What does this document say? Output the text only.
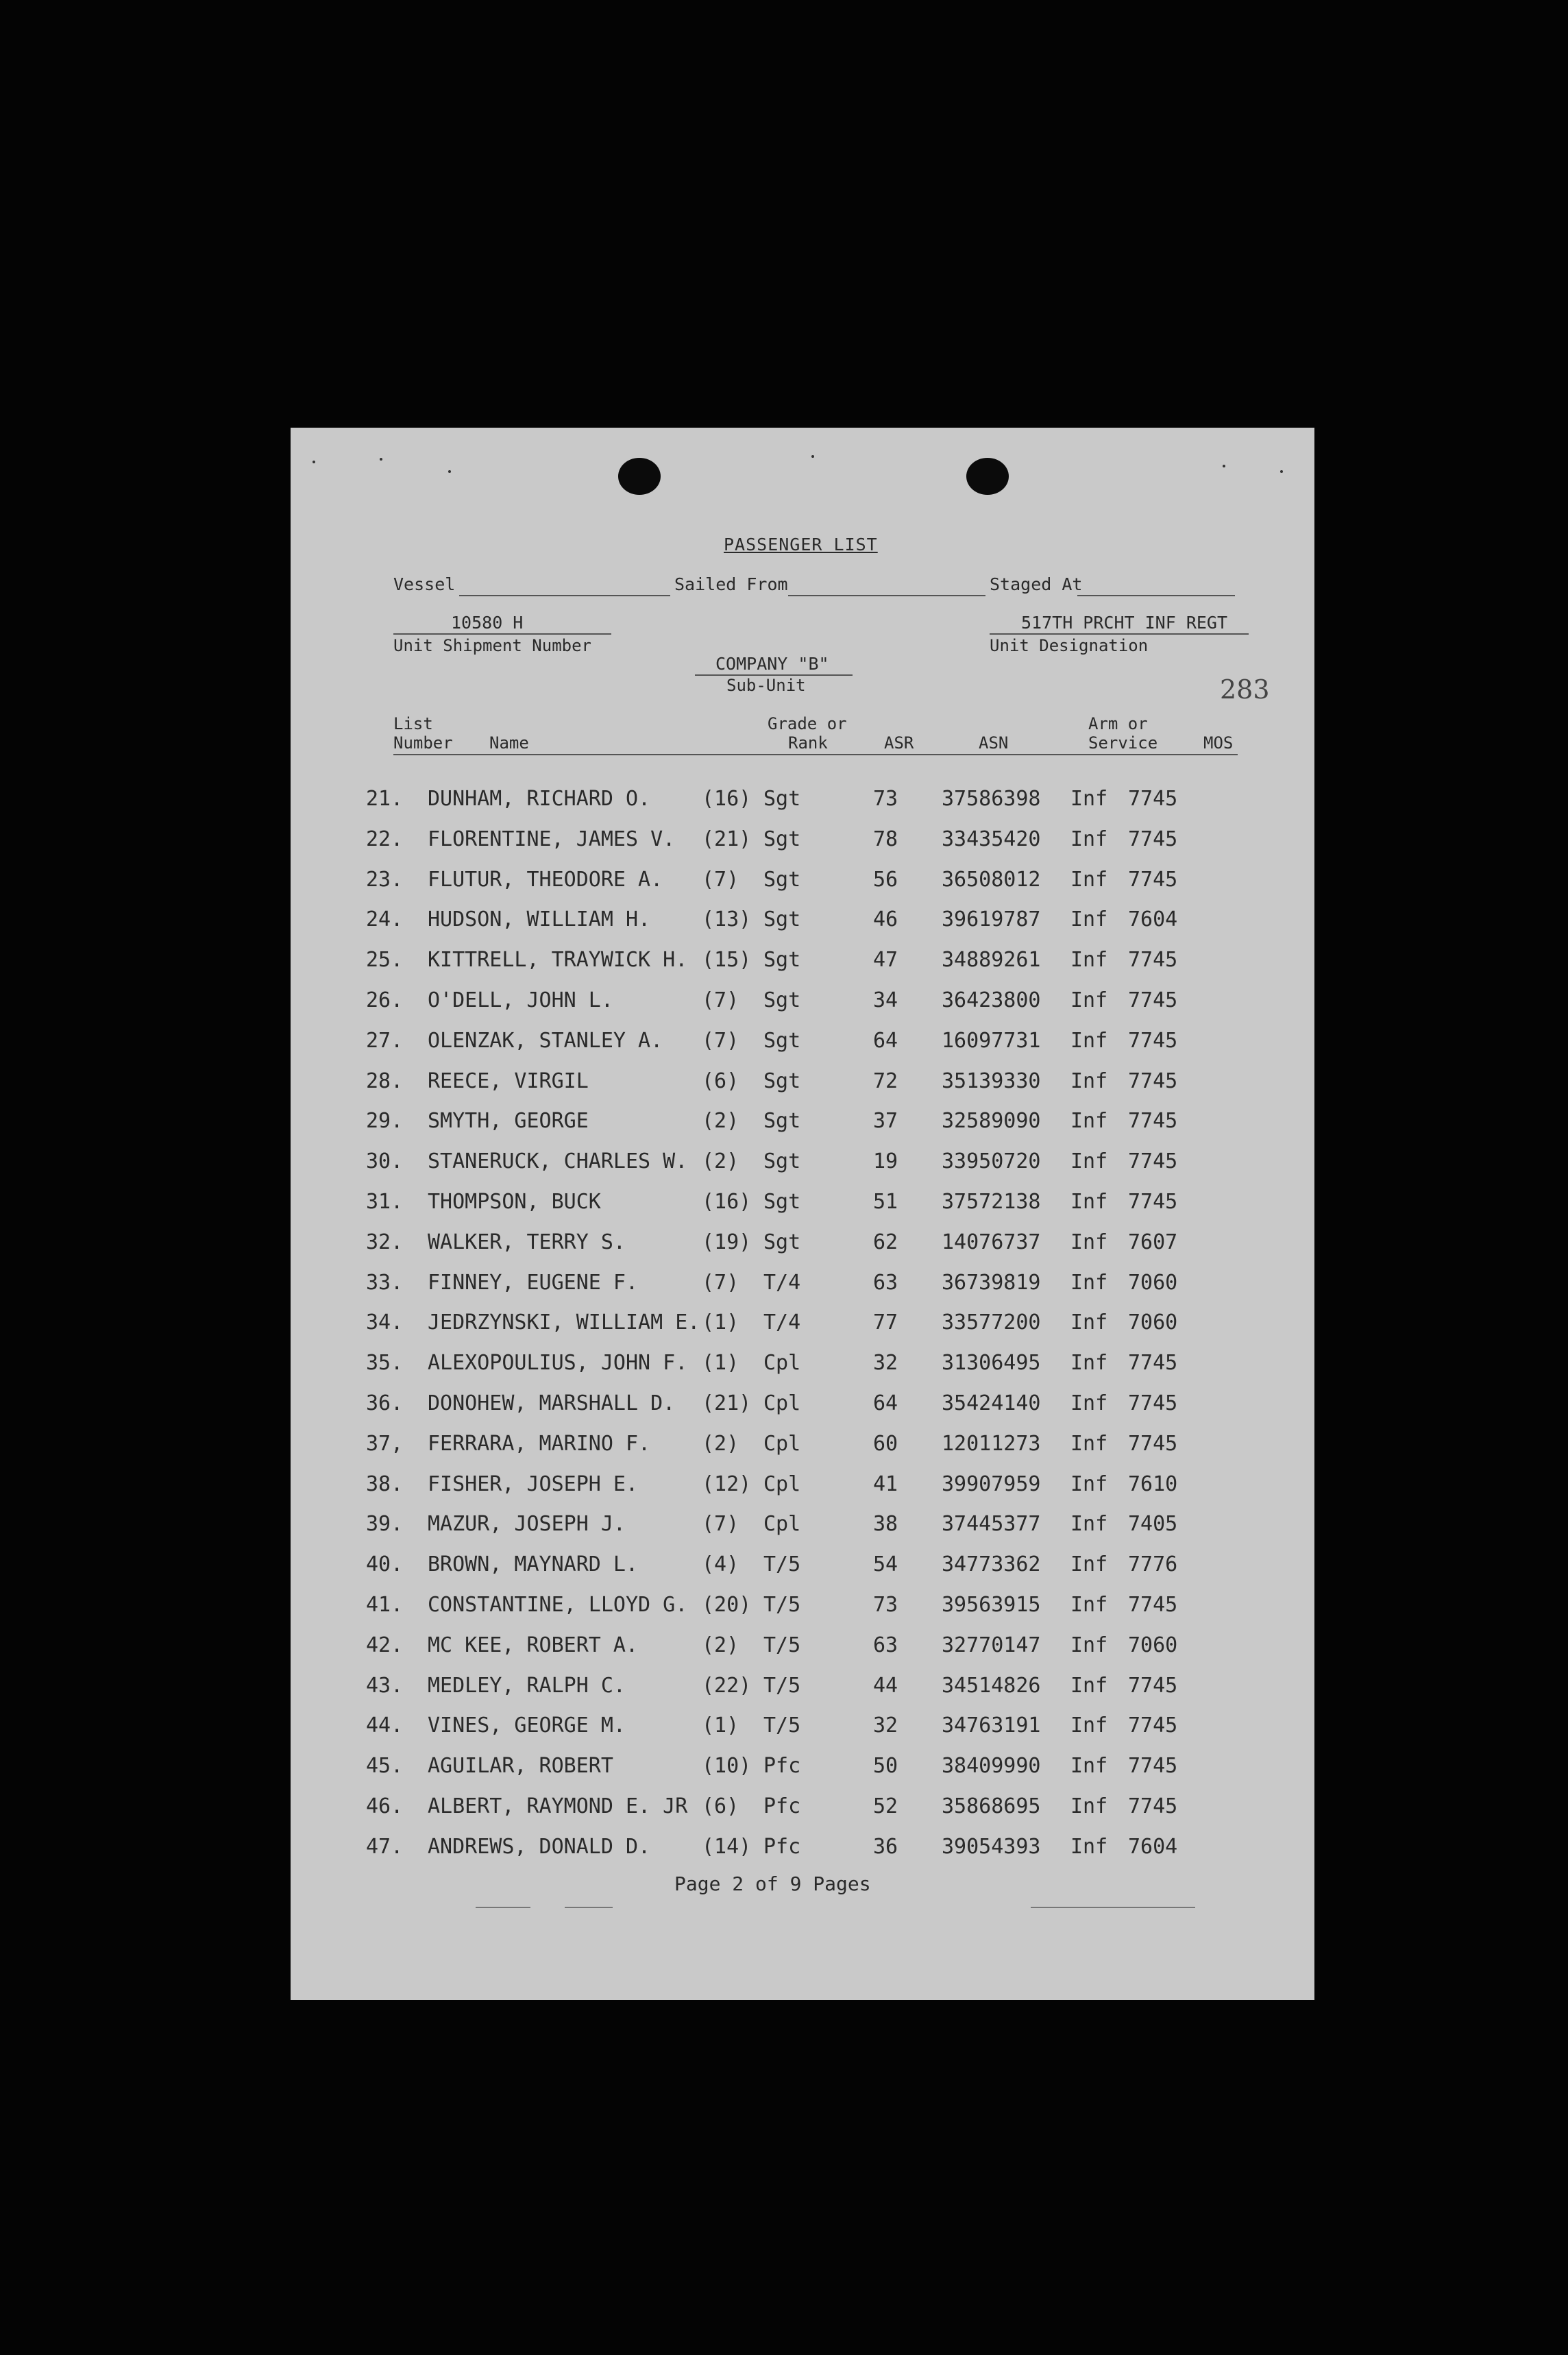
PASSENGER LIST
Vessel	Sailed From	Staged At
10580 H
Unit Shipment Number
517TH PRCHT INF REGT
Unit Designation
COMPANY "B"
Sub-Unit	283
List
Number Name
Grade or
Rank	ASR	ASN
Arm or
Service	MOS
21. DUNHAM, RICHARD O. (16) Sgt	73 37586398 Inf 7745
22. FLORENTINE, JAMES V. (21) Sgt	78 33435420 Inf 7745
23. FLUTUR, THEODORE A. (7) Sgt	56 36508012 Inf 7745
24. HUDSON, WILLIAM H. (13) Sgt	46 39619787 Inf 7604
25. KITTRELL, TRAYWICK H. (15) Sgt	47 34889261 Inf 7745
26. O'DELL, JOHN L.	(7) Sgt	34 36423800 Inf 7745
27. OLENZAK, STANLEY A. (7) Sgt	64 16097731 Inf 7745
28. REECE, VIRGIL	(6) Sgt	72 35139330 Inf 7745
29. SMYTH, GEORGE	(2) Sgt	37 32589090 Inf 7745
30. STANERUCK, CHARLES W. (2) Sgt	19 33950720 Inf 7745
31. THOMPSON, BUCK	(16) Sgt	51 37572138 Inf 7745
32. WALKER, TERRY S.	(19) Sgt	62 14076737 Inf 7607
33. FINNEY, EUGENE F.	(7) T/4	63 36739819 Inf 7060
34. JEDRZYNSKI, WILLIAM E. (1) T/4	77 33577200 Inf 7060
35. ALEXOPOULIUS, JOHN F. (1) Cpl	32 31306495 Inf 7745
36. DONOHEW, MARSHALL D. (21) Cpl	64 35424140 Inf 7745
37, FERRARA, MARINO F. (2) Cpl	60 12011273 Inf 7745
38. FISHER, JOSEPH E.	(12) Cpl	41 39907959 Inf 7610
39. MAZUR, JOSEPH J.	(7) Cpl	38 37445377 Inf 7405
40. BROWN, MAYNARD L.	(4) T/5	54 34773362 Inf 7776
41. CONSTANTINE, LLOYD G. (20) T/5	73 39563915 Inf 7745
42. MC KEE, ROBERT A.	(2) T/5	63 32770147 Inf 7060
43. MEDLEY, RALPH C.	(22) T/5	44 34514826 Inf 7745
44. VINES, GEORGE M.	(1) T/5	32 34763191 Inf 7745
45. AGUILAR, ROBERT	(10) Pfc	50 38409990 Inf 7745
46. ALBERT, RAYMOND E. JR (6) Pfc	52 35868695 Inf 7745
47. ANDREWS, DONALD D. (14) Pfc	36 39054393 Inf 7604
Page 2 of 9 Pages
